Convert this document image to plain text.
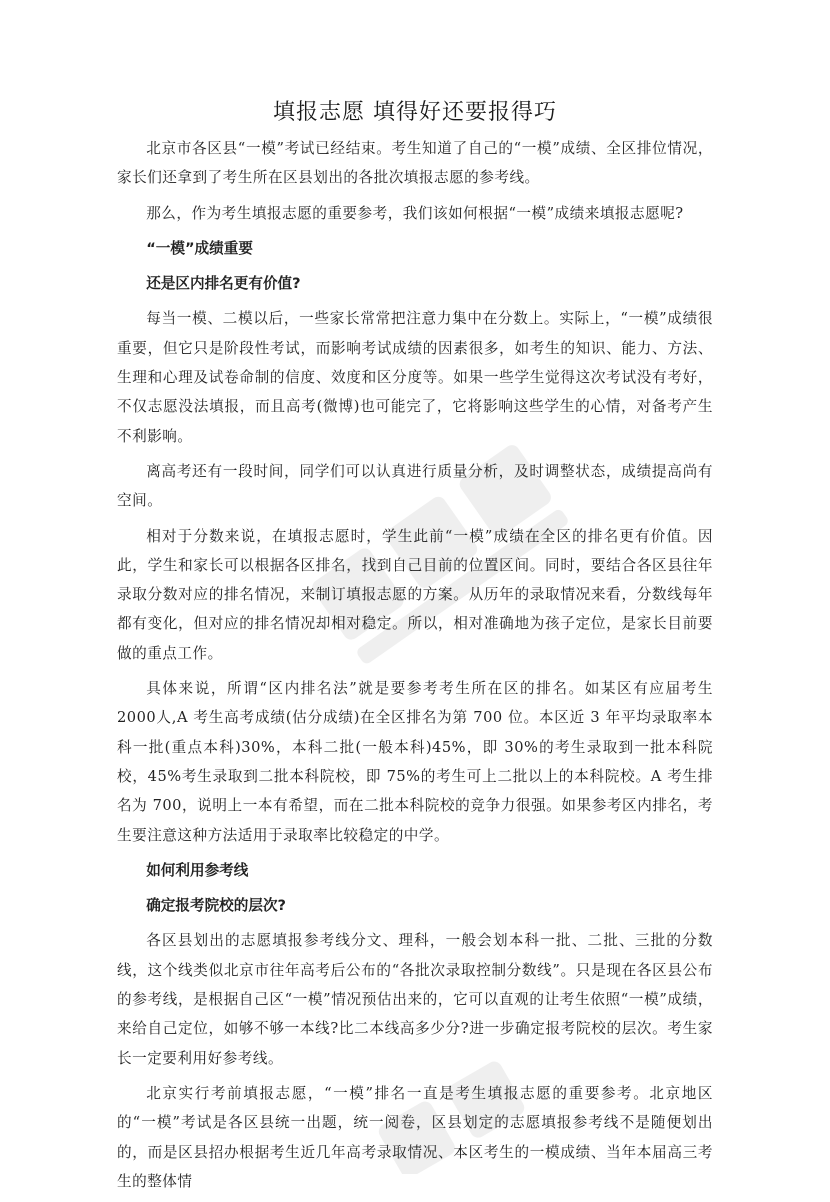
填报志愿 填得好还要报得巧

北京市各区县“一模”考试已经结束。考生知道了自己的“一模”成绩、全区排位情况，家长们还拿到了考生所在区县划出的各批次填报志愿的参考线。

那么，作为考生填报志愿的重要参考，我们该如何根据“一模”成绩来填报志愿呢?

“一模”成绩重要

还是区内排名更有价值?

每当一模、二模以后，一些家长常常把注意力集中在分数上。实际上，“一模”成绩很重要，但它只是阶段性考试，而影响考试成绩的因素很多，如考生的知识、能力、方法、生理和心理及试卷命制的信度、效度和区分度等。如果一些学生觉得这次考试没有考好，不仅志愿没法填报，而且高考(微博)也可能完了，它将影响这些学生的心情，对备考产生不利影响。

离高考还有一段时间，同学们可以认真进行质量分析，及时调整状态，成绩提高尚有空间。

相对于分数来说，在填报志愿时，学生此前“一模”成绩在全区的排名更有价值。因此，学生和家长可以根据各区排名，找到自己目前的位置区间。同时，要结合各区县往年录取分数对应的排名情况，来制订填报志愿的方案。从历年的录取情况来看，分数线每年都有变化，但对应的排名情况却相对稳定。所以，相对准确地为孩子定位，是家长目前要做的重点工作。

具体来说，所谓“区内排名法”就是要参考考生所在区的排名。如某区有应届考生 2000人,A 考生高考成绩(估分成绩)在全区排名为第 700 位。本区近 3 年平均录取率本科一批(重点本科)30%，本科二批(一般本科)45%，即 30%的考生录取到一批本科院校，45%考生录取到二批本科院校，即 75%的考生可上二批以上的本科院校。A 考生排名为 700，说明上一本有希望，而在二批本科院校的竞争力很强。如果参考区内排名，考生要注意这种方法适用于录取率比较稳定的中学。

如何利用参考线

确定报考院校的层次?

各区县划出的志愿填报参考线分文、理科，一般会划本科一批、二批、三批的分数线，这个线类似北京市往年高考后公布的“各批次录取控制分数线”。只是现在各区县公布的参考线，是根据自己区“一模”情况预估出来的，它可以直观的让考生依照“一模”成绩，来给自己定位，如够不够一本线?比二本线高多少分?进一步确定报考院校的层次。考生家长一定要利用好参考线。

北京实行考前填报志愿，“一模”排名一直是考生填报志愿的重要参考。北京地区的“一模”考试是各区县统一出题，统一阅卷，区县划定的志愿填报参考线不是随便划出的，而是区县招办根据考生近几年高考录取情况、本区考生的一模成绩、当年本届高三考生的整体情
